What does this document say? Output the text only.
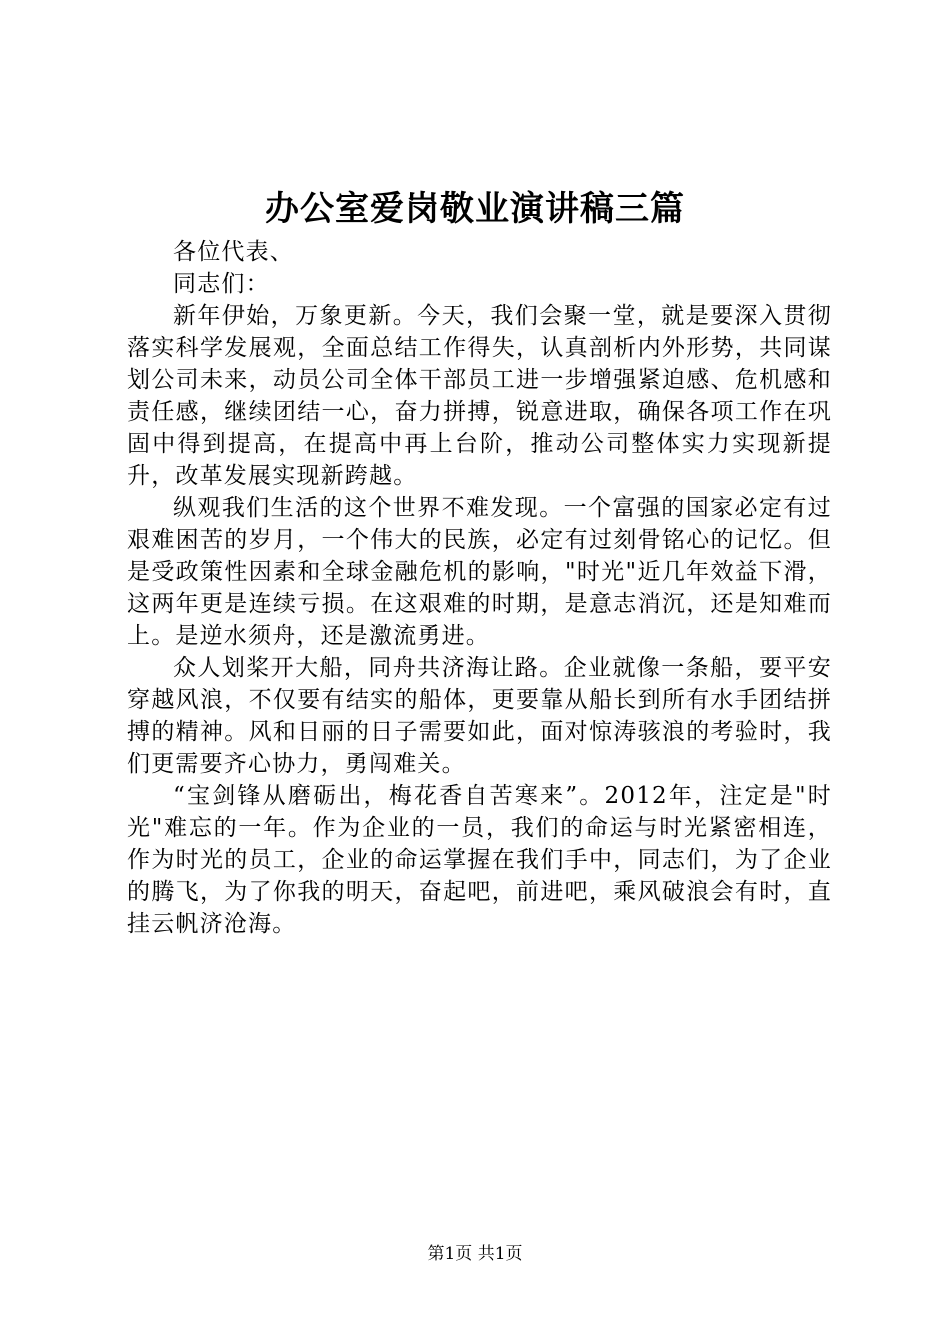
办公室爱岗敬业演讲稿三篇

各位代表、

同志们：

新年伊始，万象更新。今天，我们会聚一堂，就是要深入贯彻落实科学发展观，全面总结工作得失，认真剖析内外形势，共同谋划公司未来，动员公司全体干部员工进一步增强紧迫感、危机感和责任感，继续团结一心，奋力拼搏，锐意进取，确保各项工作在巩固中得到提高，在提高中再上台阶，推动公司整体实力实现新提升，改革发展实现新跨越。

纵观我们生活的这个世界不难发现。一个富强的国家必定有过艰难困苦的岁月，一个伟大的民族，必定有过刻骨铭心的记忆。但是受政策性因素和全球金融危机的影响，"时光"近几年效益下滑，这两年更是连续亏损。在这艰难的时期，是意志消沉，还是知难而上。是逆水须舟，还是激流勇进。

众人划桨开大船，同舟共济海让路。企业就像一条船，要平安穿越风浪，不仅要有结实的船体，更要靠从船长到所有水手团结拼搏的精神。风和日丽的日子需要如此，面对惊涛骇浪的考验时，我们更需要齐心协力，勇闯难关。

“宝剑锋从磨砺出，梅花香自苦寒来”。2012年，注定是"时光"难忘的一年。作为企业的一员，我们的命运与时光紧密相连，作为时光的员工，企业的命运掌握在我们手中，同志们，为了企业的腾飞，为了你我的明天，奋起吧，前进吧，乘风破浪会有时，直挂云帆济沧海。

第1页 共1页
